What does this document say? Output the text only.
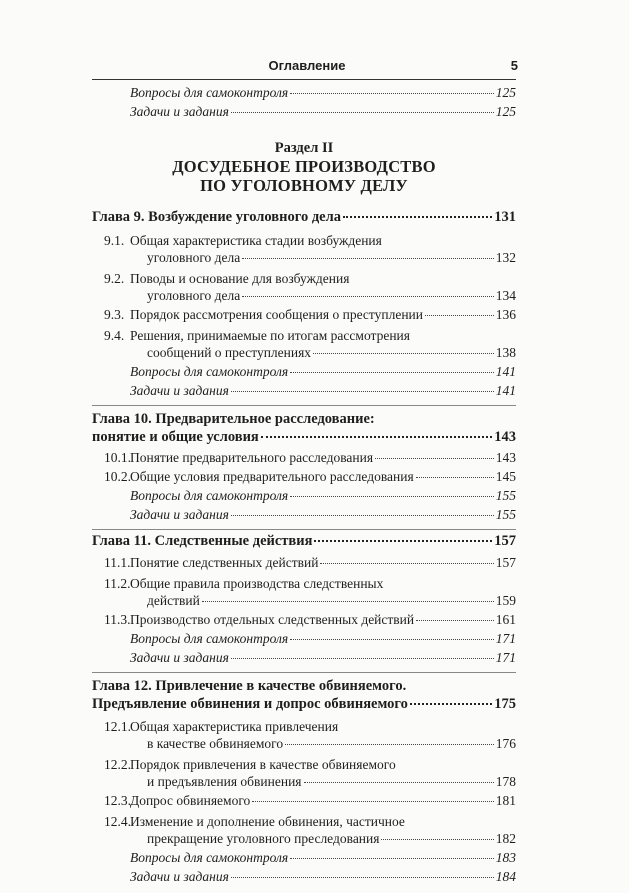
Оглавление	5
Вопросы для самоконтроля	125
Задачи и задания	125
Раздел II
ДОСУДЕБНОЕ ПРОИЗВОДСТВО
ПО УГОЛОВНОМУ ДЕЛУ
Глава 9. Возбуждение уголовного дела	131
9.1. Общая характеристика стадии возбуждения
уголовного дела	132
9.2. Поводы и основание для возбуждения
уголовного дела	134
9.3. Порядок рассмотрения сообщения о преступлении	136
9.4. Решения, принимаемые по итогам рассмотрения
сообщений о преступлениях	138
Вопросы для самоконтроля	141
Задачи и задания	141
Глава 10. Предварительное расследование:
понятие и общие условия	143
10.1. Понятие предварительного расследования	143
10.2. Общие условия предварительного расследования	145
Вопросы для самоконтроля	155
Задачи и задания	155
Глава 11. Следственные действия	157
11.1. Понятие следственных действий	157
11.2. Общие правила производства следственных
действий	159
11.3. Производство отдельных следственных действий	161
Вопросы для самоконтроля	171
Задачи и задания	171
Глава 12. Привлечение в качестве обвиняемого.
Предъявление обвинения и допрос обвиняемого	175
12.1. Общая характеристика привлечения
в качестве обвиняемого	176
12.2. Порядок привлечения в качестве обвиняемого
и предъявления обвинения	178
12.3. Допрос обвиняемого	181
12.4. Изменение и дополнение обвинения, частичное
прекращение уголовного преследования	182
Вопросы для самоконтроля	183
Задачи и задания	184
